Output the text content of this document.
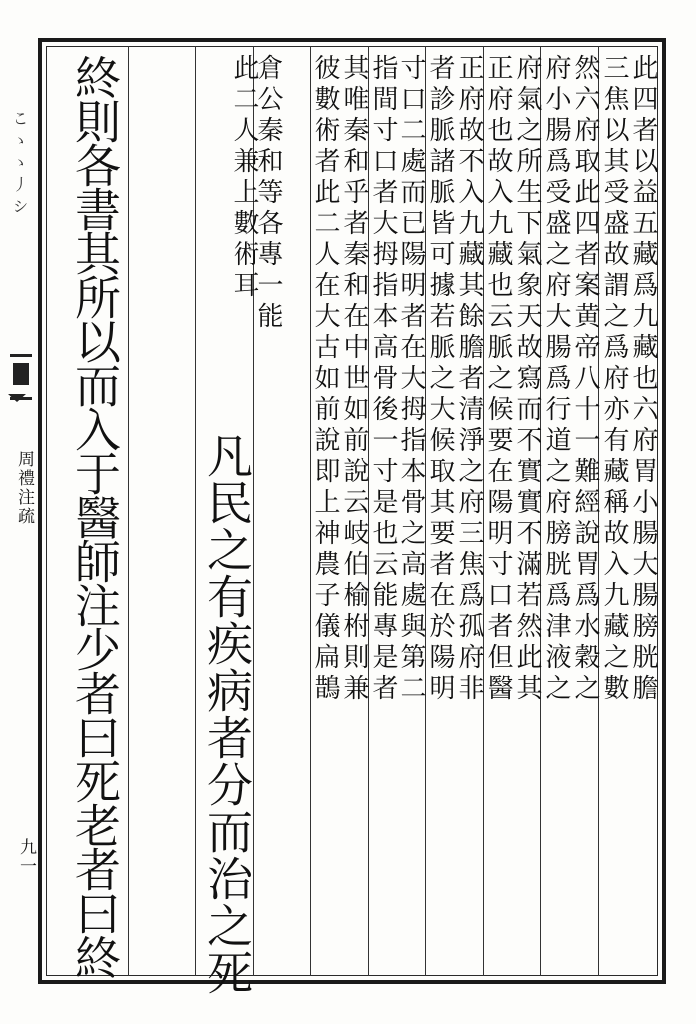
こゝゝ丿シ
周禮注疏
九一
此四者以益五藏爲九藏也六府胃小腸大腸膀胱膽
三焦以其受盛故謂之爲府亦有藏稱故入九藏之數
然六府取此四者案黄帝八十一難經說胃爲水穀之
府小腸爲受盛之府大腸爲行道之府膀胱爲津液之
府氣之所生下氣象天故寫而不實實不滿若然此其
正府也故入九藏也云脈之候要在陽明寸口者但醫
正府故不入九藏其餘膽者清淨之府三焦爲孤府非
者診脈諸脈皆可據若脈之大候取其要者在於陽明
寸口二處而已陽明者在大拇指本骨之高處與第二
指間寸口者大拇指本高骨後一寸是也云能專是者
其唯秦和乎者秦和在中世如前說云岐伯榆柎則兼
彼數術者此二人在大古如前說即上神農子儀扁鵲
倉公秦和等各專一能
凡民之有疾病者分而治之死
此二人兼上數術耳
終則各書其所以而入于醫師注少者曰死老者曰終
